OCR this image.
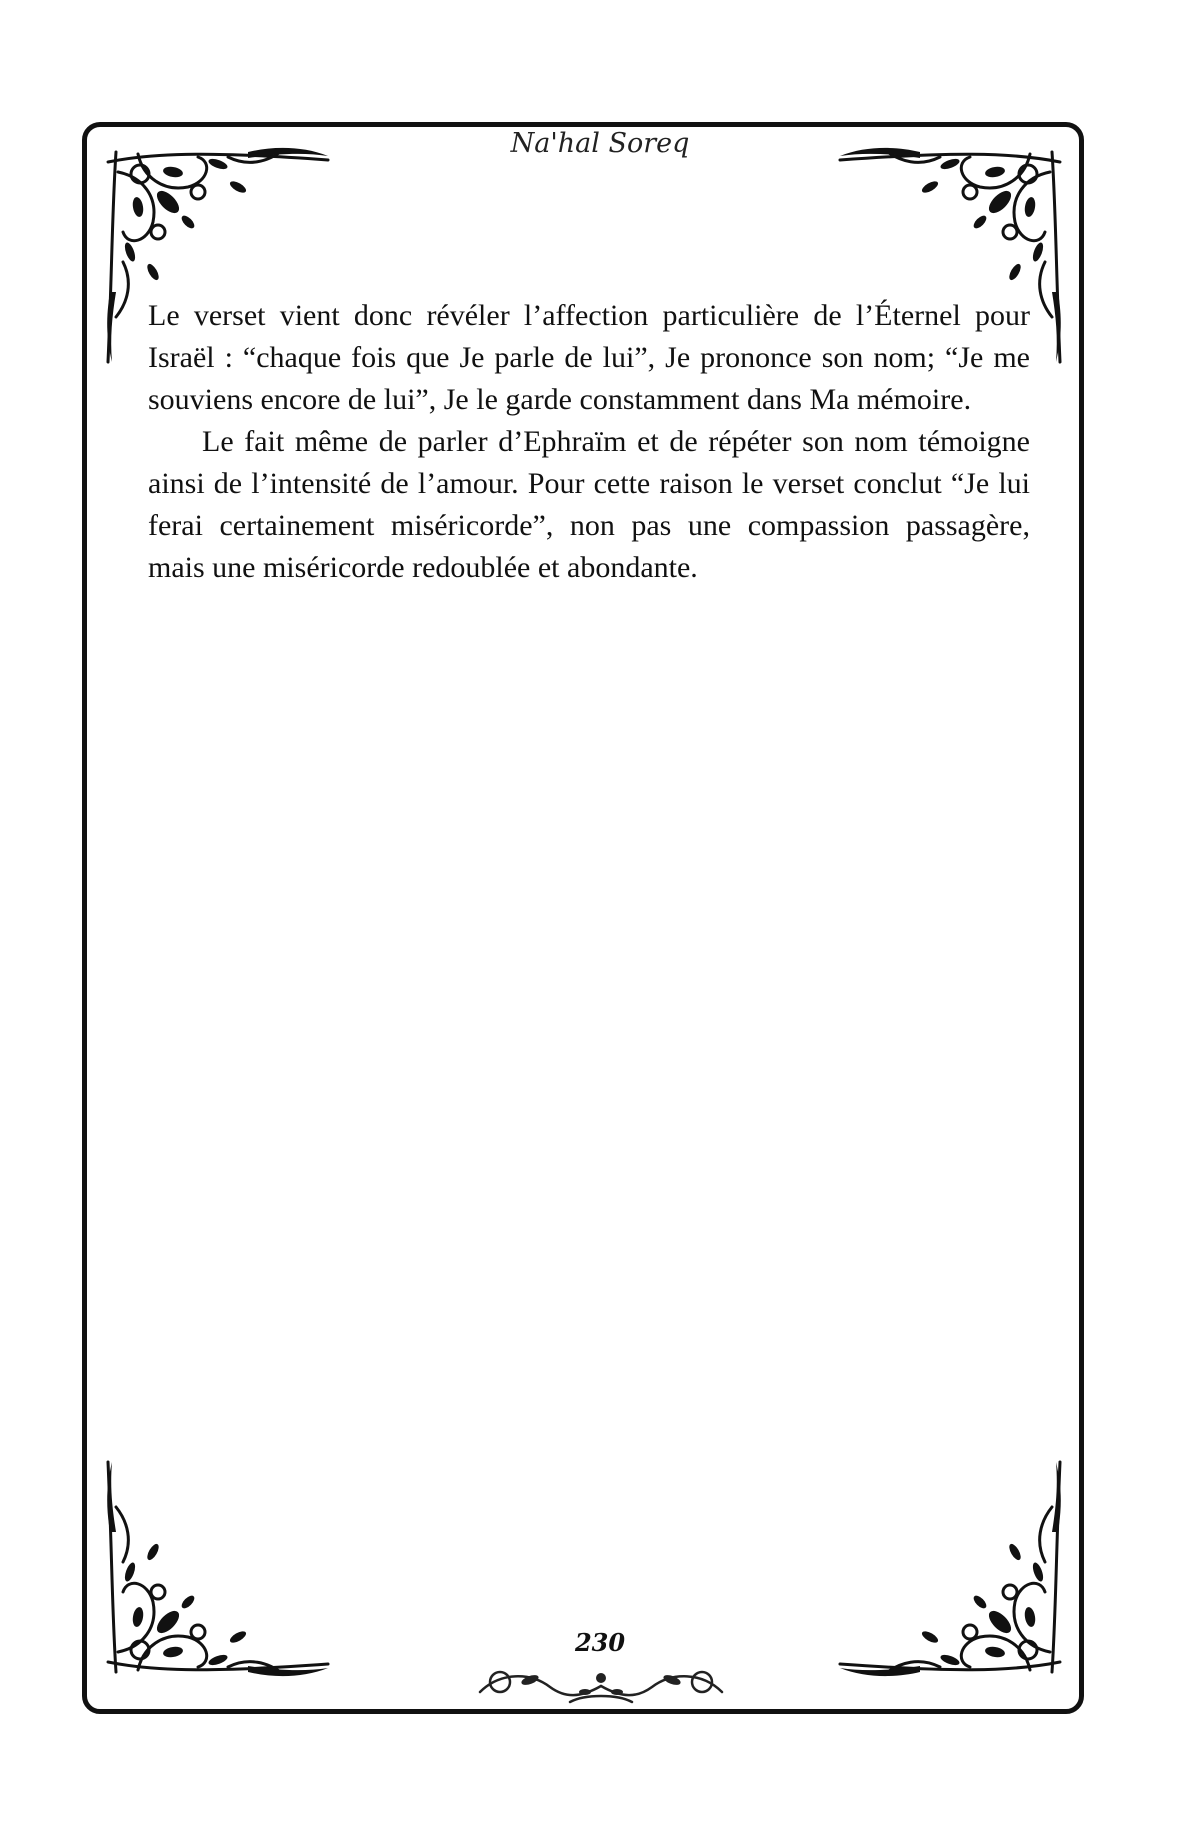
Na'hal Soreq

Le verset vient donc révéler l’affection particulière de l’Éternel pour Israël : “chaque fois que Je parle de lui”, Je prononce son nom; “Je me souviens encore de lui”, Je le garde constamment dans Ma mémoire.

Le fait même de parler d’Ephraïm et de répéter son nom témoigne ainsi de l’intensité de l’amour. Pour cette raison le verset conclut “Je lui ferai certainement miséricorde”, non pas une compassion passagère, mais une miséricorde redoublée et abondante.

230
